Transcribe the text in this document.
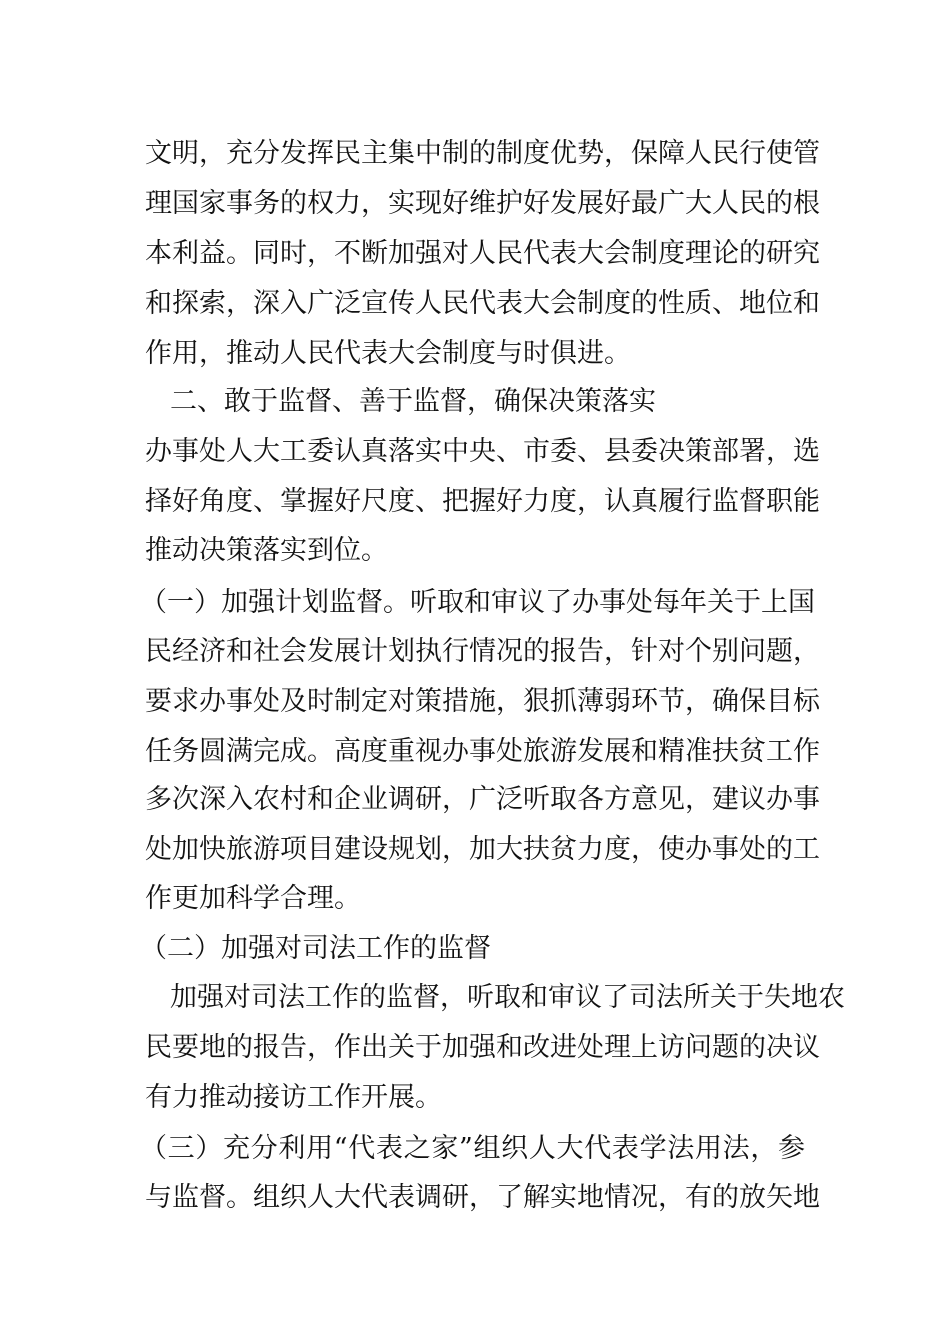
文明，充分发挥民主集中制的制度优势，保障人民行使管
理国家事务的权力，实现好维护好发展好最广大人民的根
本利益。同时，不断加强对人民代表大会制度理论的研究
和探索，深入广泛宣传人民代表大会制度的性质、地位和
作用，推动人民代表大会制度与时俱进。
二、敢于监督、善于监督，确保决策落实
办事处人大工委认真落实中央、市委、县委决策部署，选
择好角度、掌握好尺度、把握好力度，认真履行监督职能
推动决策落实到位。
（一）加强计划监督。听取和审议了办事处每年关于上国
民经济和社会发展计划执行情况的报告，针对个别问题，
要求办事处及时制定对策措施，狠抓薄弱环节，确保目标
任务圆满完成。高度重视办事处旅游发展和精准扶贫工作
多次深入农村和企业调研，广泛听取各方意见，建议办事
处加快旅游项目建设规划，加大扶贫力度，使办事处的工
作更加科学合理。
（二）加强对司法工作的监督
加强对司法工作的监督，听取和审议了司法所关于失地农
民要地的报告，作出关于加强和改进处理上访问题的决议
有力推动接访工作开展。
（三）充分利用“代表之家”组织人大代表学法用法，参
与监督。组织人大代表调研，了解实地情况，有的放矢地
